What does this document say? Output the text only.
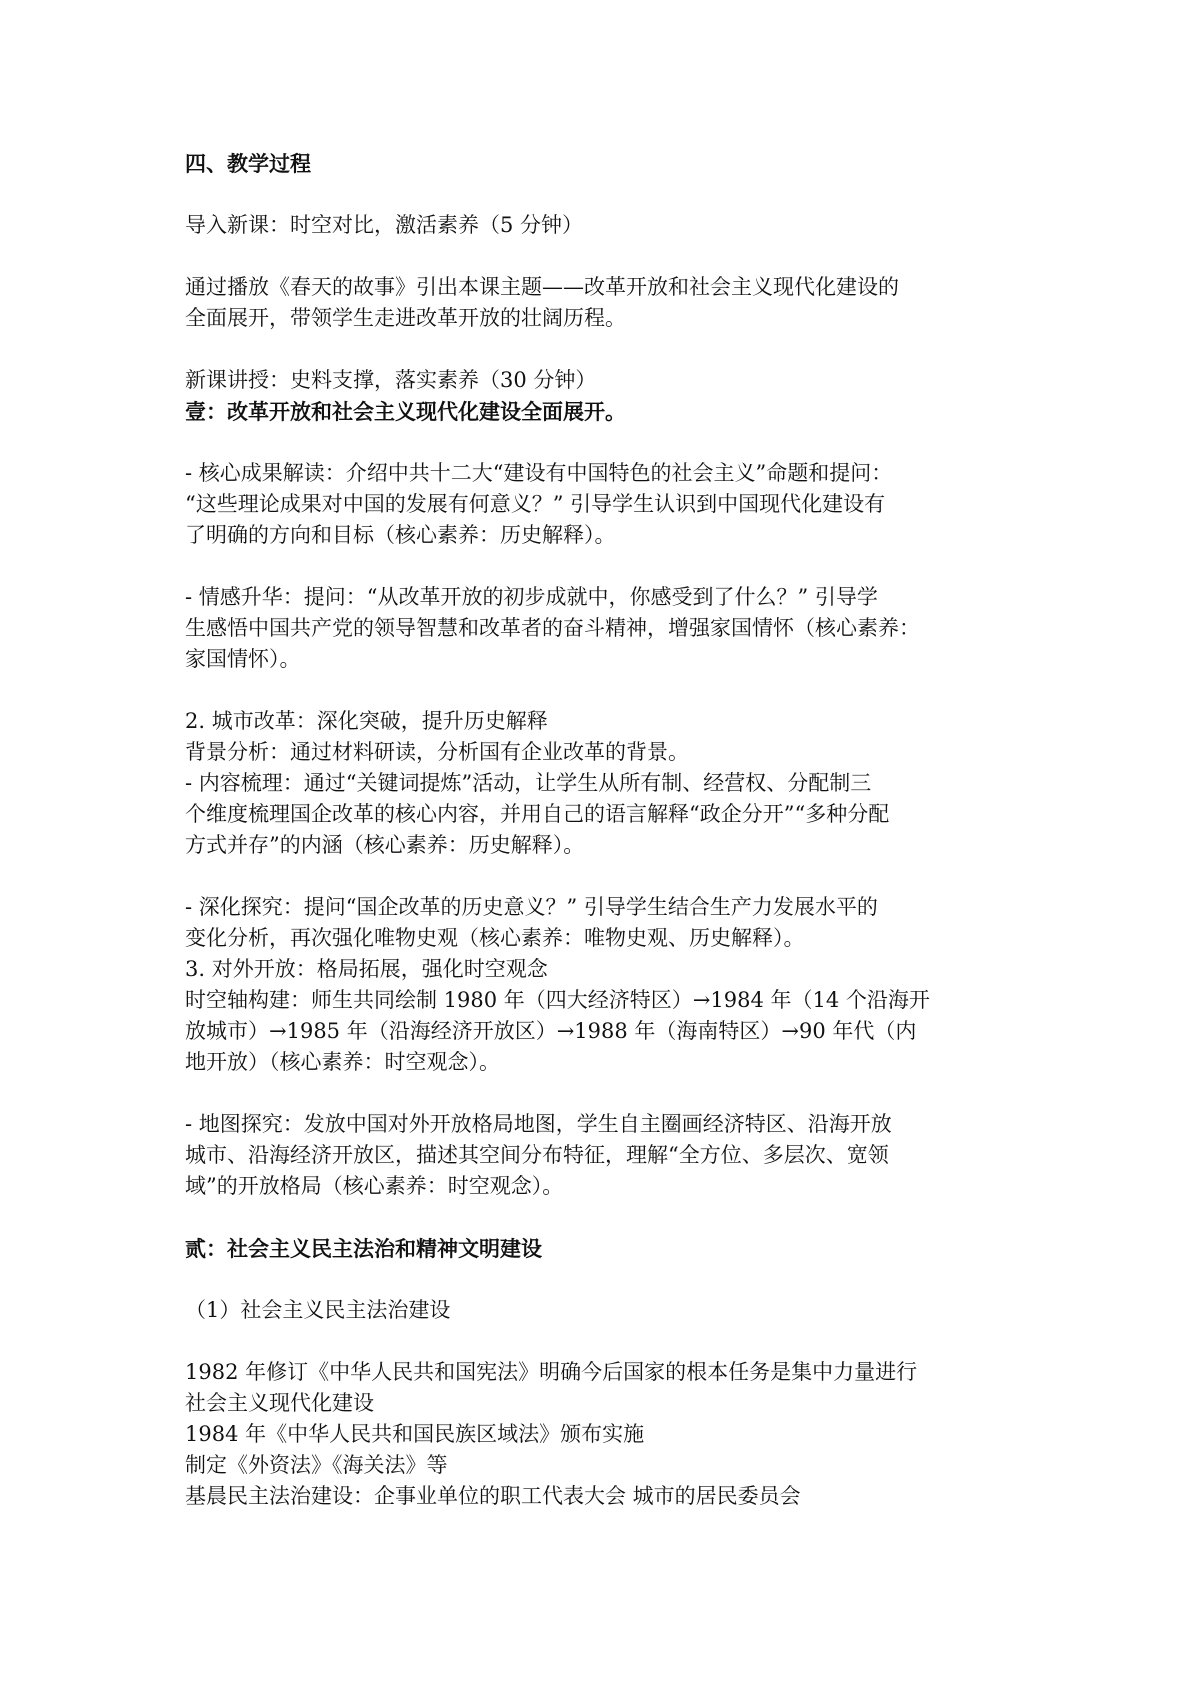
四、教学过程

导入新课：时空对比，激活素养（5 分钟）

通过播放《春天的故事》引出本课主题——改革开放和社会主义现代化建设的

全面展开，带领学生走进改革开放的壮阔历程。

新课讲授：史料支撑，落实素养（30 分钟）

壹：改革开放和社会主义现代化建设全面展开。

- 核心成果解读：介绍中共十二大“建设有中国特色的社会主义”命题和提问：

“这些理论成果对中国的发展有何意义？” 引导学生认识到中国现代化建设有

了明确的方向和目标（核心素养：历史解释）。

- 情感升华：提问：“从改革开放的初步成就中，你感受到了什么？” 引导学

生感悟中国共产党的领导智慧和改革者的奋斗精神，增强家国情怀（核心素养：

家国情怀）。

2. 城市改革：深化突破，提升历史解释

背景分析：通过材料研读，分析国有企业改革的背景。

- 内容梳理：通过“关键词提炼”活动，让学生从所有制、经营权、分配制三

个维度梳理国企改革的核心内容，并用自己的语言解释“政企分开”“多种分配

方式并存”的内涵（核心素养：历史解释）。

- 深化探究：提问“国企改革的历史意义？” 引导学生结合生产力发展水平的

变化分析，再次强化唯物史观（核心素养：唯物史观、历史解释）。

3. 对外开放：格局拓展，强化时空观念

时空轴构建：师生共同绘制 1980 年（四大经济特区）→1984 年（14 个沿海开

放城市）→1985 年（沿海经济开放区）→1988 年（海南特区）→90 年代（内

地开放）（核心素养：时空观念）。

- 地图探究：发放中国对外开放格局地图，学生自主圈画经济特区、沿海开放

城市、沿海经济开放区，描述其空间分布特征，理解“全方位、多层次、宽领

域”的开放格局（核心素养：时空观念）。

贰：社会主义民主法治和精神文明建设

（1）社会主义民主法治建设

1982 年修订《中华人民共和国宪法》明确今后国家的根本任务是集中力量进行

社会主义现代化建设

1984 年《中华人民共和国民族区域法》颁布实施

制定《外资法》《海关法》等

基晨民主法治建设：企事业单位的职工代表大会 城市的居民委员会
